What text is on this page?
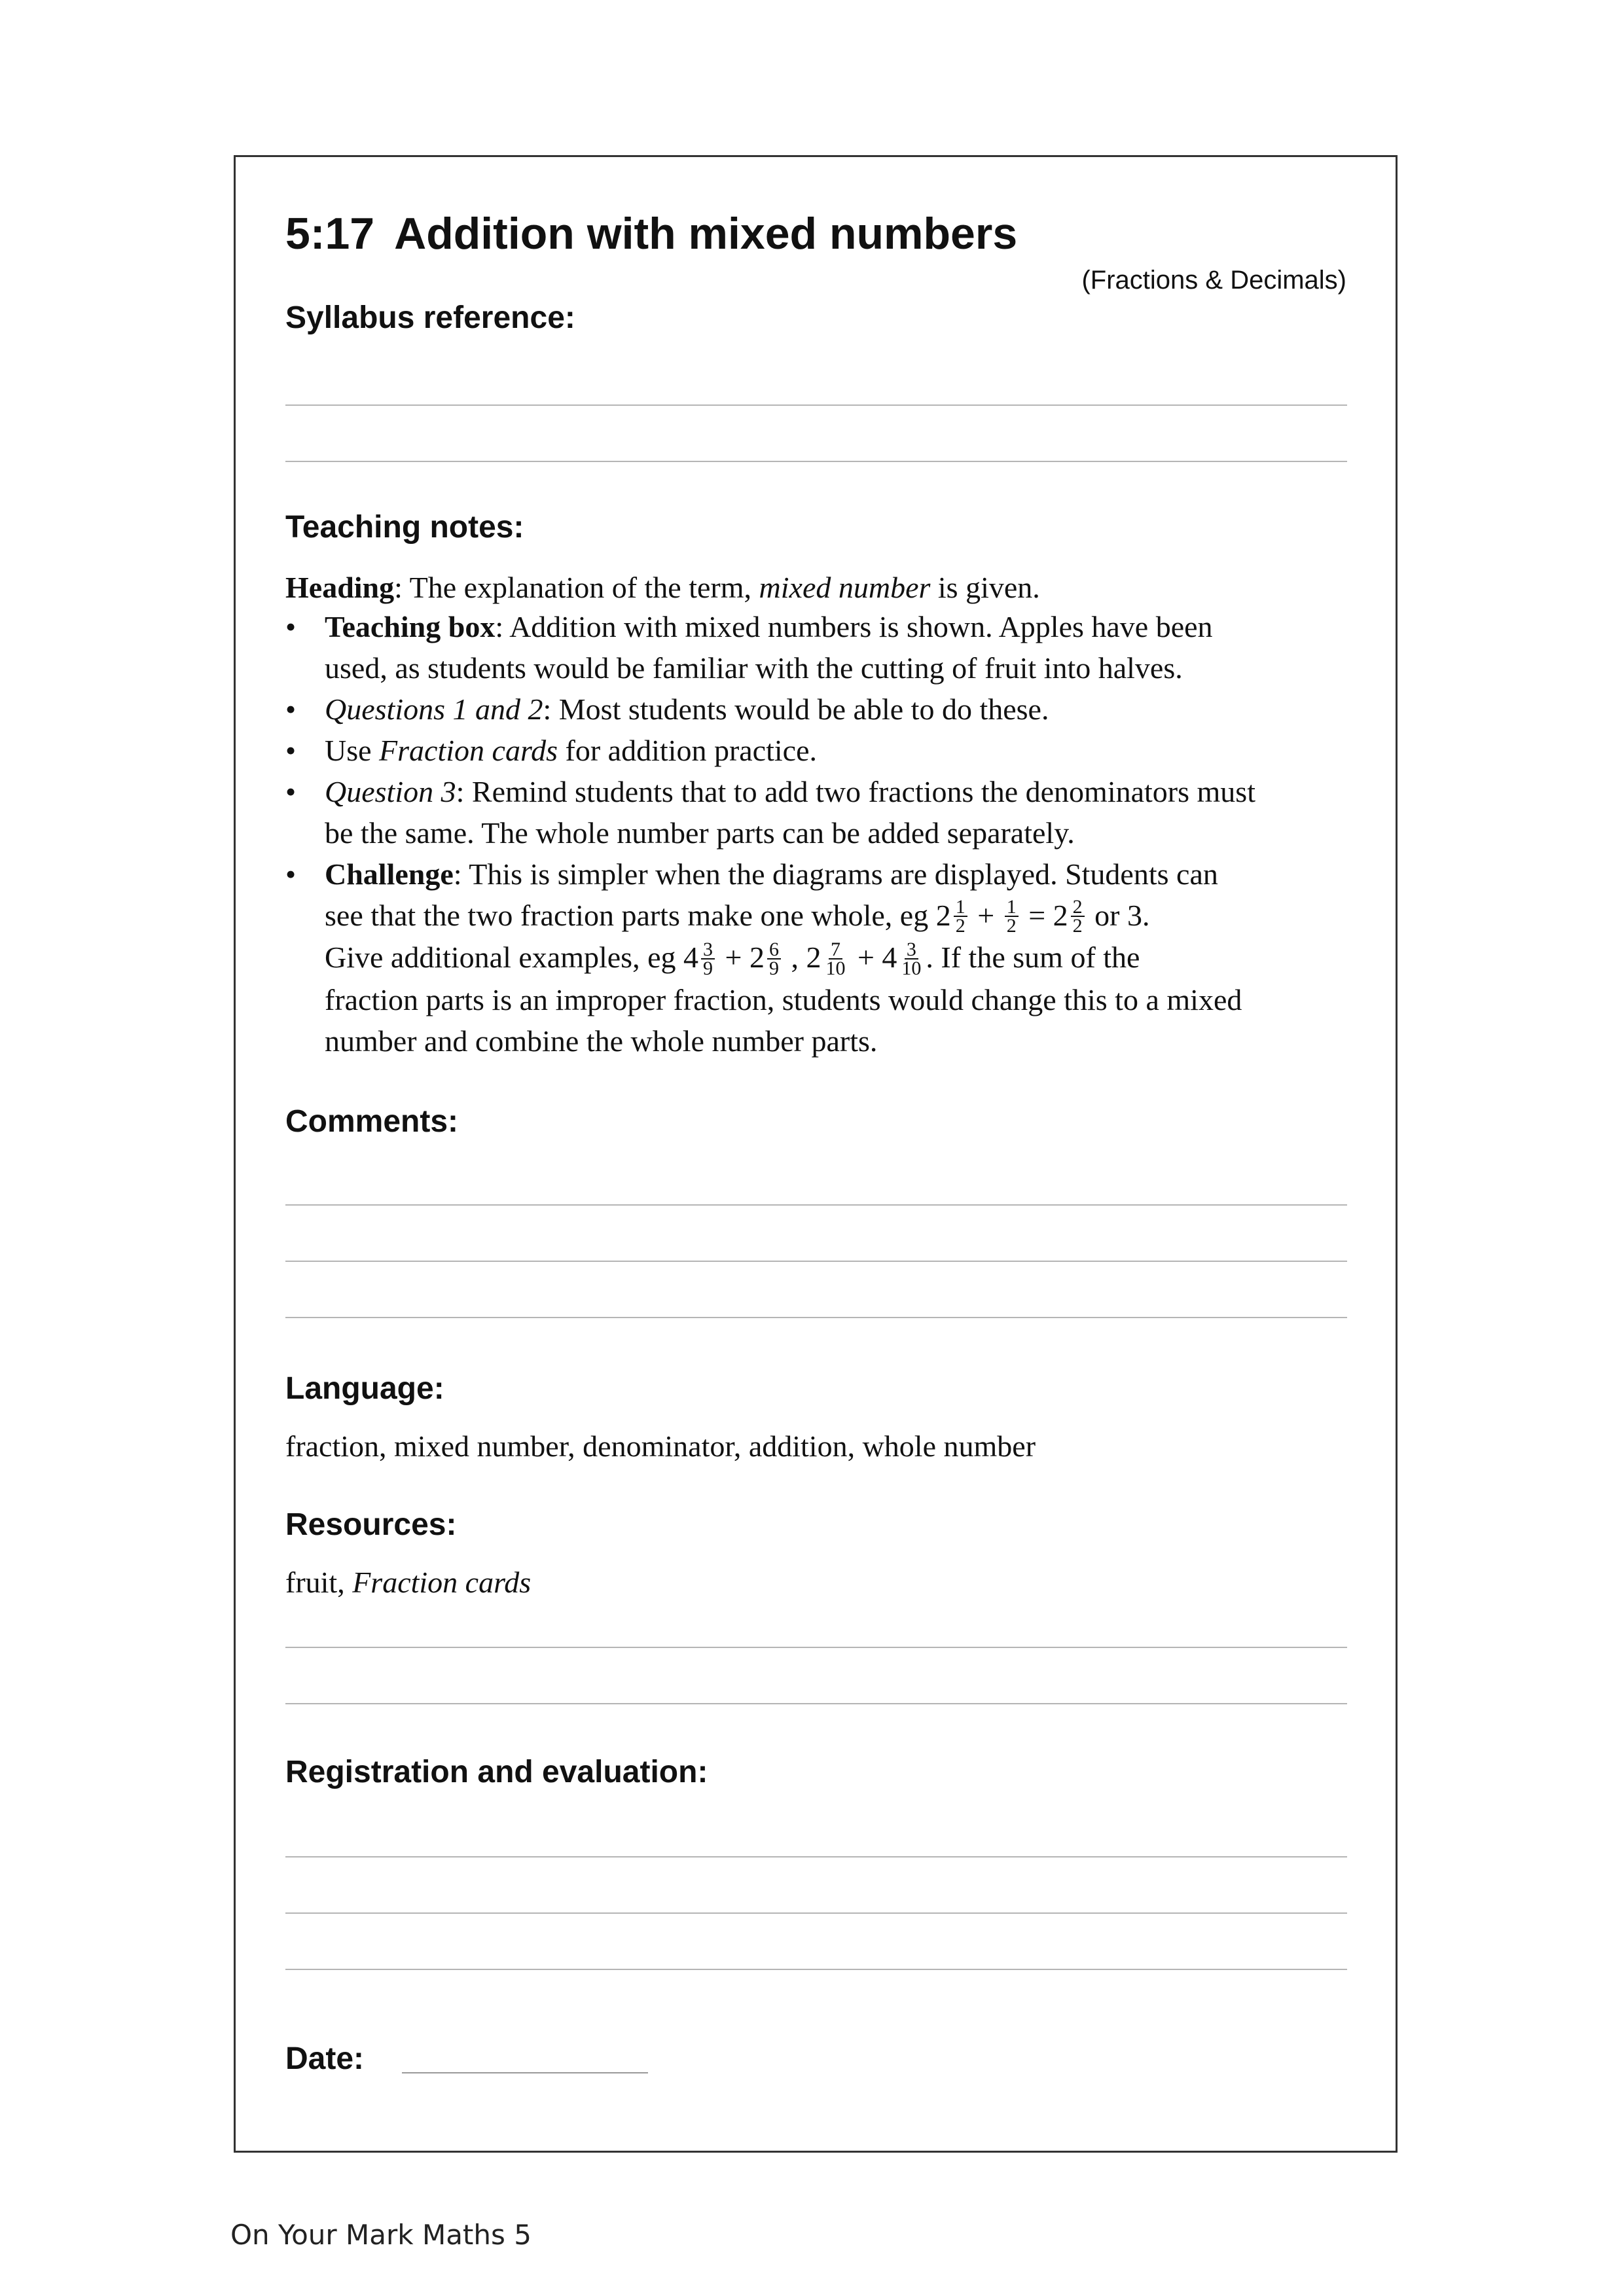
5:17 Addition with mixed numbers
(Fractions & Decimals)
Syllabus reference:
Teaching notes:
Heading: The explanation of the term, mixed number is given.
• Teaching box: Addition with mixed numbers is shown. Apples have been
used, as students would be familiar with the cutting of fruit into halves.
• Questions 1 and 2: Most students would be able to do these.
• Use Fraction cards for addition practice.
• Question 3: Remind students that to add two fractions the denominators must
be the same. The whole number parts can be added separately.
• Challenge: This is simpler when the diagrams are displayed. Students can
see that the two fraction parts make one whole, eg $2 \frac{1}{2} + \frac{1}{2} = 2 \frac{2}{2}$ or 3.
Give additional examples, eg $4 \frac{3}{9} + 2 \frac{6}{9}$ , $2 \frac{7}{10} + 4 \frac{3}{10}$ . If the sum of the
fraction parts is an improper fraction, students would change this to a mixed
number and combine the whole number parts.
Comments:
Language:
fraction, mixed number, denominator, addition, whole number
Resources:
fruit, Fraction cards
Registration and evaluation:
Date:
On Your Mark Maths 5
